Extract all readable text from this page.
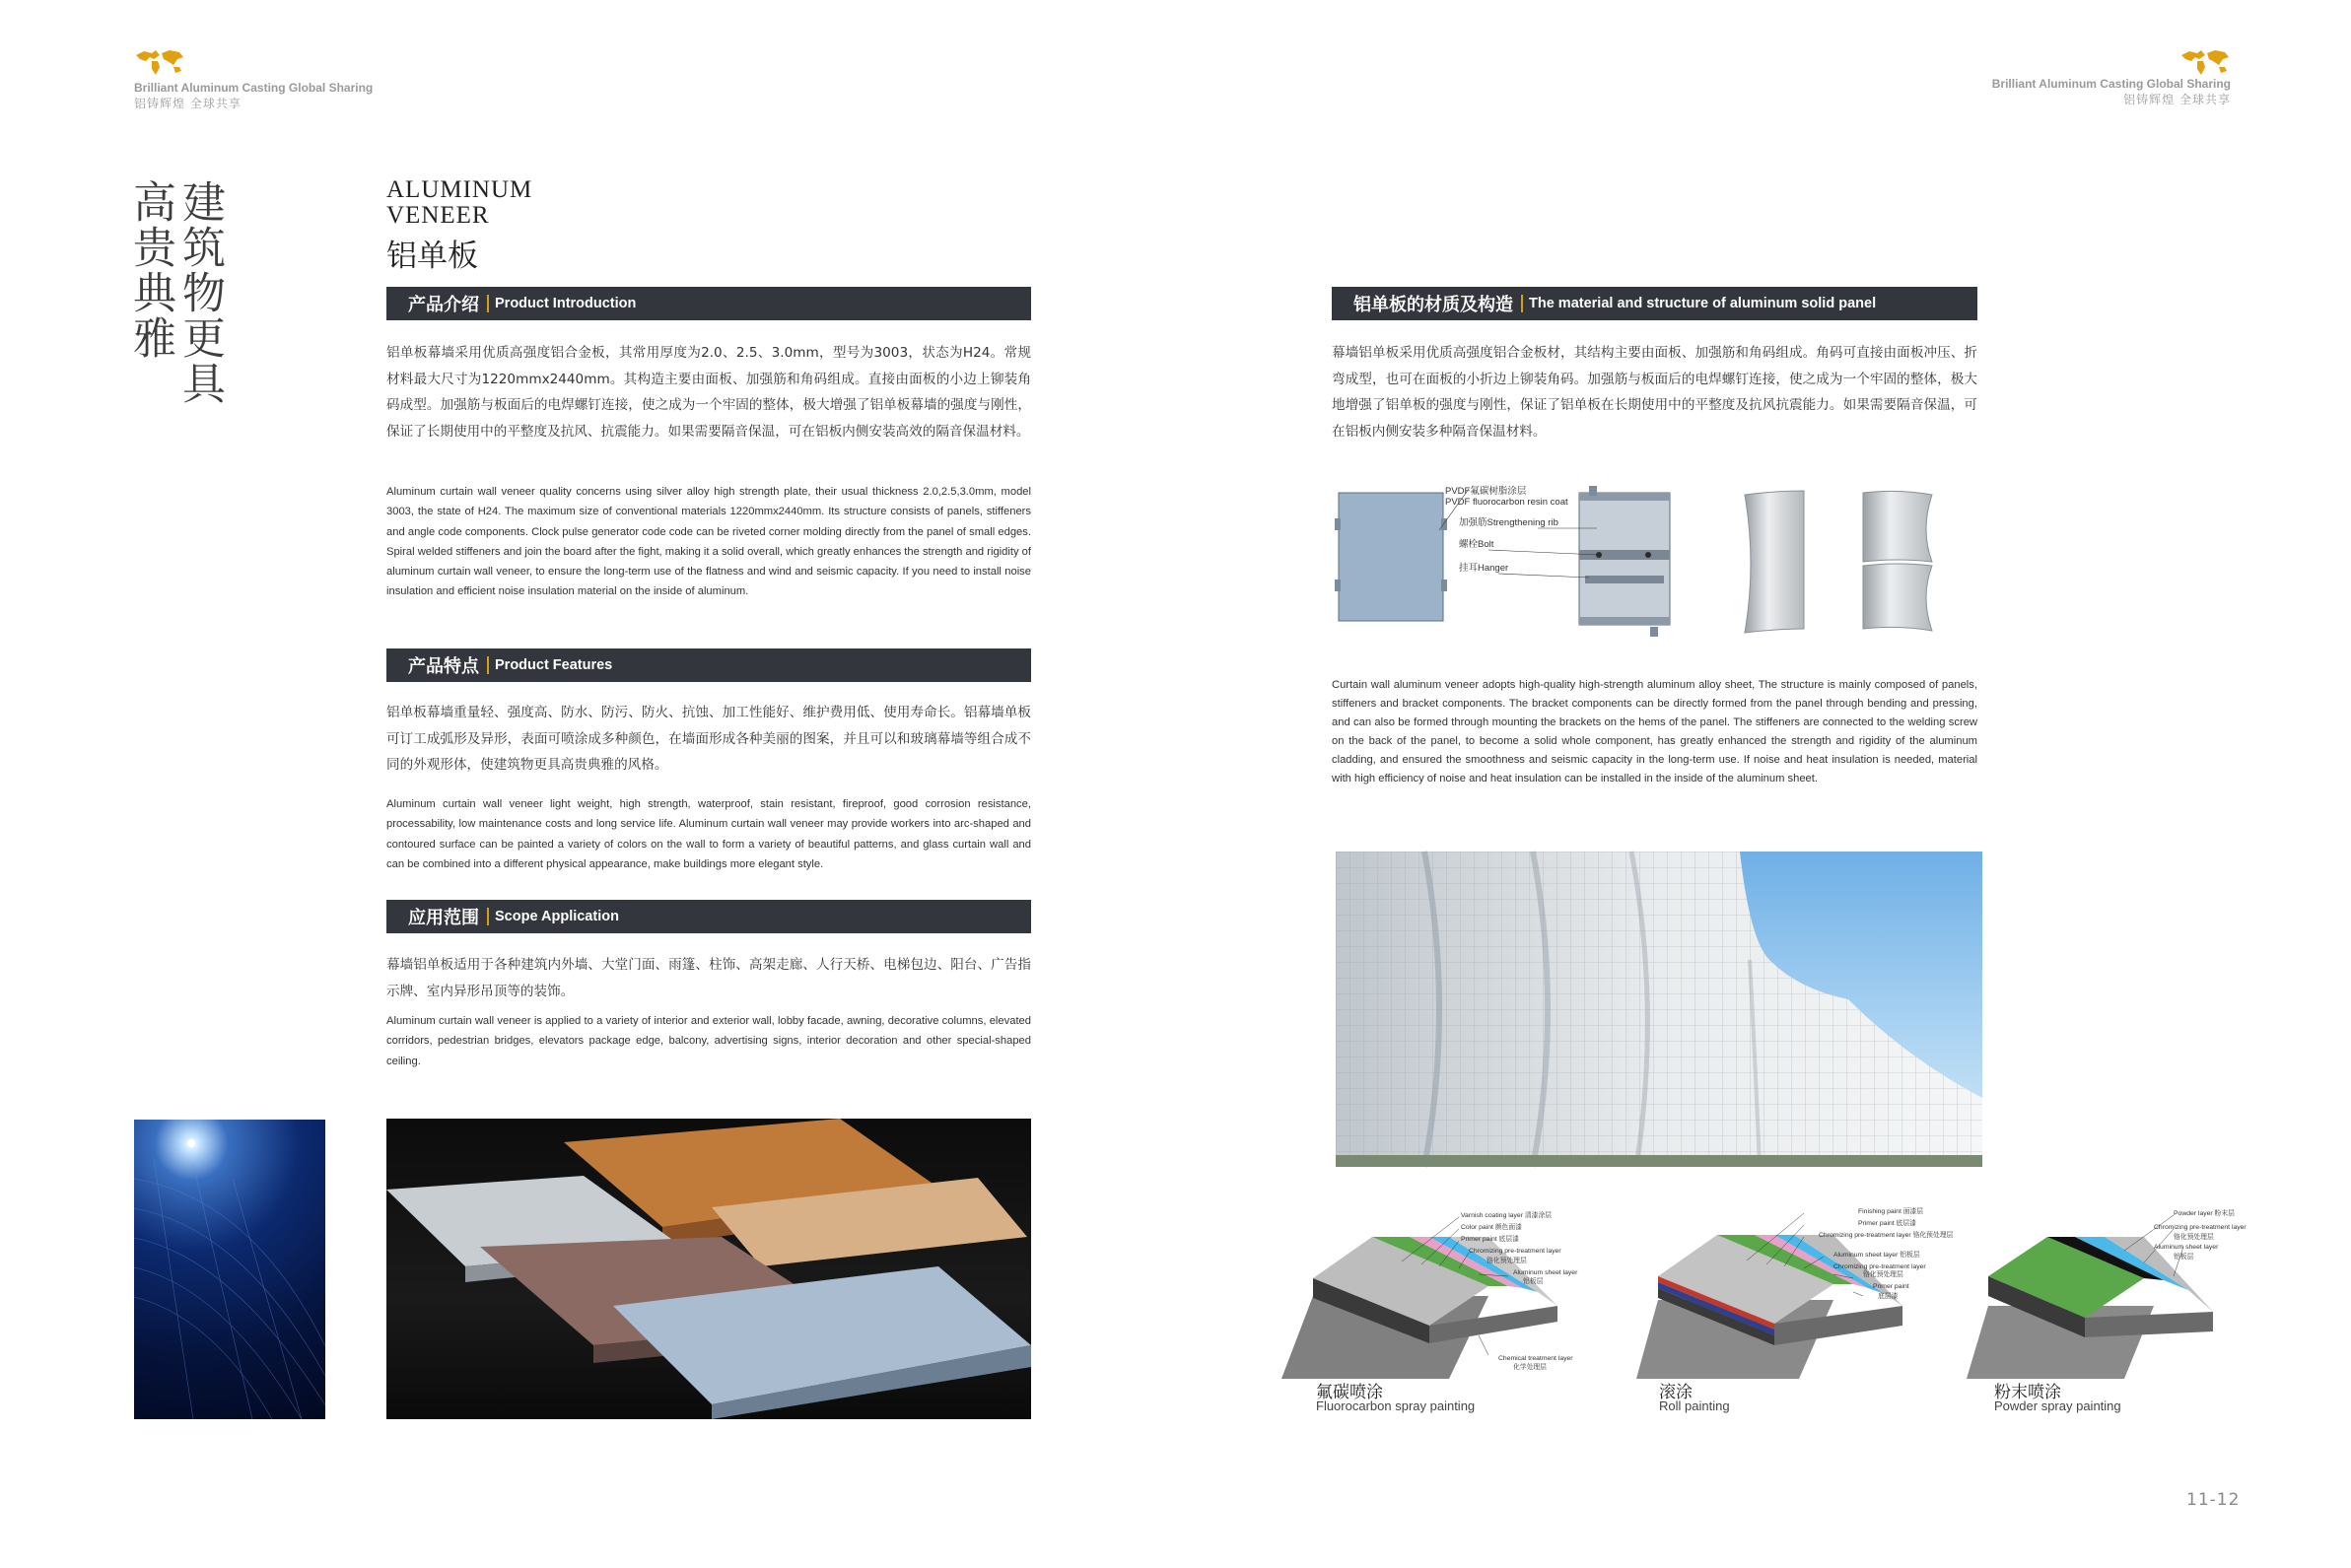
Brilliant Aluminum Casting Global Sharing
铝铸辉煌 全球共享
Brilliant Aluminum Casting Global Sharing
铝铸辉煌 全球共享
建筑物更具
高贵典雅	ALUMINUM
VENEER
铝单板
产品介绍 Product Introduction
铝单板幕墙采用优质高强度铝合金板，其常用厚度为2.0、2.5、3.0mm，型号为3003，状态为H24。常规材料最大尺寸为1220mmx2440mm。其构造主要由面板、加强筋和角码组成。直接由面板的小边上铆装角码成型。加强筋与板面后的电焊螺钉连接，使之成为一个牢固的整体，极大增强了铝单板幕墙的强度与刚性，保证了长期使用中的平整度及抗风、抗震能力。如果需要隔音保温，可在铝板内侧安装高效的隔音保温材料。
Aluminum curtain wall veneer quality concerns using silver alloy high strength plate, their usual thickness 2.0,2.5,3.0mm, model 3003, the state of H24. The maximum size of conventional materials 1220mmx2440mm. Its structure consists of panels, stiffeners and angle code components. Clock pulse generator code code can be riveted corner molding directly from the panel of small edges. Spiral welded stiffeners and join the board after the fight, making it a solid overall, which greatly enhances the strength and rigidity of aluminum curtain wall veneer, to ensure the long-term use of the flatness and wind and seismic capacity. If you need to install noise insulation and efficient noise insulation material on the inside of aluminum.
产品特点 Product Features
铝单板幕墙重量轻、强度高、防水、防污、防火、抗蚀、加工性能好、维护费用低、使用寿命长。铝幕墙单板可订工成弧形及异形，表面可喷涂成多种颜色，在墙面形成各种美丽的图案，并且可以和玻璃幕墙等组合成不同的外观形体，使建筑物更具高贵典雅的风格。
Aluminum curtain wall veneer light weight, high strength, waterproof, stain resistant, fireproof, good corrosion resistance, processability, low maintenance costs and long service life. Aluminum curtain wall veneer may provide workers into arc-shaped and contoured surface can be painted a variety of colors on the wall to form a variety of beautiful patterns, and glass curtain wall and can be combined into a different physical appearance, make buildings more elegant style.
应用范围 Scope Application
幕墙铝单板适用于各种建筑内外墙、大堂门面、雨篷、柱饰、高架走廊、人行天桥、电梯包边、阳台、广告指示牌、室内异形吊顶等的装饰。
Aluminum curtain wall veneer is applied to a variety of interior and exterior wall, lobby facade, awning, decorative columns, elevated corridors, pedestrian bridges, elevators package edge, balcony, advertising signs, interior decoration and other special-shaped ceiling.
铝单板的材质及构造 The material and structure of aluminum solid panel
幕墙铝单板采用优质高强度铝合金板材，其结构主要由面板、加强筋和角码组成。角码可直接由面板冲压、折弯成型，也可在面板的小折边上铆装角码。加强筋与板面后的电焊螺钉连接，使之成为一个牢固的整体，极大地增强了铝单板的强度与刚性，保证了铝单板在长期使用中的平整度及抗风抗震能力。如果需要隔音保温，可在铝板内侧安装多种隔音保温材料。
PVDF氟碳树脂涂层
PVDF fluorocarbon resin coat
加强筋Strengthening rib
螺栓Bolt
挂耳Hanger
Curtain wall aluminum veneer adopts high-quality high-strength aluminum alloy sheet, The structure is mainly composed of panels, stiffeners and bracket components. The bracket components can be directly formed from the panel through bending and pressing, and can also be formed through mounting the brackets on the hems of the panel. The stiffeners are connected to the welding screw on the back of the panel, to become a solid whole component, has greatly enhanced the strength and rigidity of the aluminum cladding, and ensured the smoothness and seismic capacity in the long-term use. If noise and heat insulation is needed, material with high efficiency of noise and heat insulation can be installed in the inside of the aluminum sheet.
Varnish coating layer 清漆涂层
Color paint 颜色面漆
Primer paint 底层漆
Chromizing pre-treatment layer
铬化预处理层
Aluminum sheet layer
铝板层
Chemical treatment layer
化学处理层
氟碳喷涂
Fluorocarbon spray painting
Finishing paint 面漆层
Primer paint 底层漆
Chromizing pre-treatment layer 铬化预处理层
Aluminum sheet layer 铝板层
Chromizing pre-treatment layer
铬化预处理层
Primer paint
底层漆
滚涂
Roll painting
Powder layer 粉末层
Chromizing pre-treatment layer
铬化预处理层
Aluminum sheet layer
铝板层
粉末喷涂
Powder spray painting
11-12
